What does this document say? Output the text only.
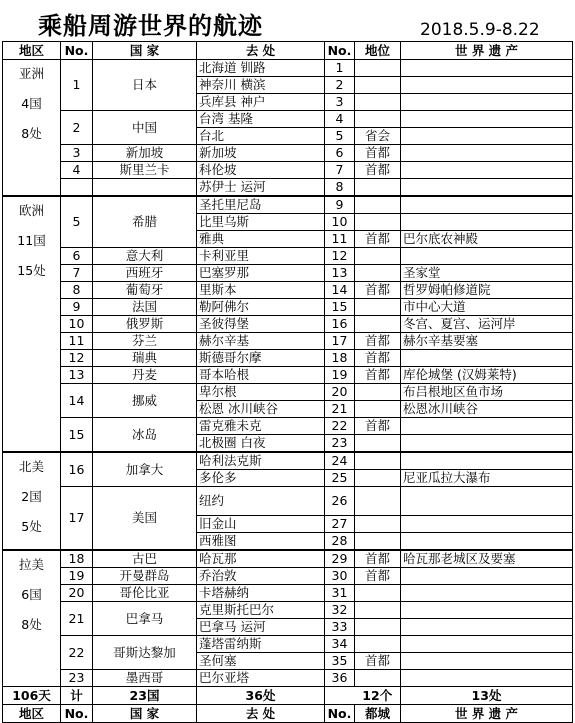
乘船周游世界的航迹	2018.5.9-8.22
地区	No.	国 家	去 处	No.	地位	世 界 遗 产

亚洲
4国
8处	1	日本	北海道 钏路	1		
			神奈川 横滨	2		
			兵库县 神户	3		
	2	中国	台湾 基隆	4		
			台北	5	省会	
	3	新加坡	新加坡	6	首都	
	4	斯里兰卡	科伦坡	7	首都	
			苏伊士 运河	8		

欧洲
11国
15处	5	希腊	圣托里尼岛	9		
			比里乌斯	10		
			雅典	11	首都	巴尔底农神殿
	6	意大利	卡利亚里	12		
	7	西班牙	巴塞罗那	13		圣家堂
	8	葡萄牙	里斯本	14	首都	哲罗姆帕修道院
	9	法国	勒阿佛尔	15		市中心大道
	10	俄罗斯	圣彼得堡	16		冬宫、夏宫、运河岸
	11	芬兰	赫尔辛基	17	首都	赫尔辛基要塞
	12	瑞典	斯德哥尔摩	18	首都	
	13	丹麦	哥本哈根	19	首都	库伦城堡 (汉姆莱特)
	14	挪威	卑尔根	20		布吕根地区鱼市场
			松恩 冰川峡谷	21		松恩冰川峡谷
	15	冰岛	雷克雅未克	22	首都	
			北极圈 白夜	23		

北美
2国
5处	16	加拿大	哈利法克斯	24		
			多伦多	25		尼亚瓜拉大瀑布
	17	美国	纽约	26		
			旧金山	27		
			西雅图	28		

拉美
6国
8处	18	古巴	哈瓦那	29	首都	哈瓦那老城区及要塞
	19	开曼群岛	乔治敦	30	首都	
	20	哥伦比亚	卡塔赫纳	31		
	21	巴拿马	克里斯托巴尔	32		
			巴拿马 运河	33		
	22	哥斯达黎加	蓬塔雷纳斯	34		
			圣何塞	35	首都	
	23	墨西哥	巴尔亚塔	36		
106天	计	23国	36处		12个	13处
地区	No.	国 家	去 处	No.	都城	世 界 遗 产
